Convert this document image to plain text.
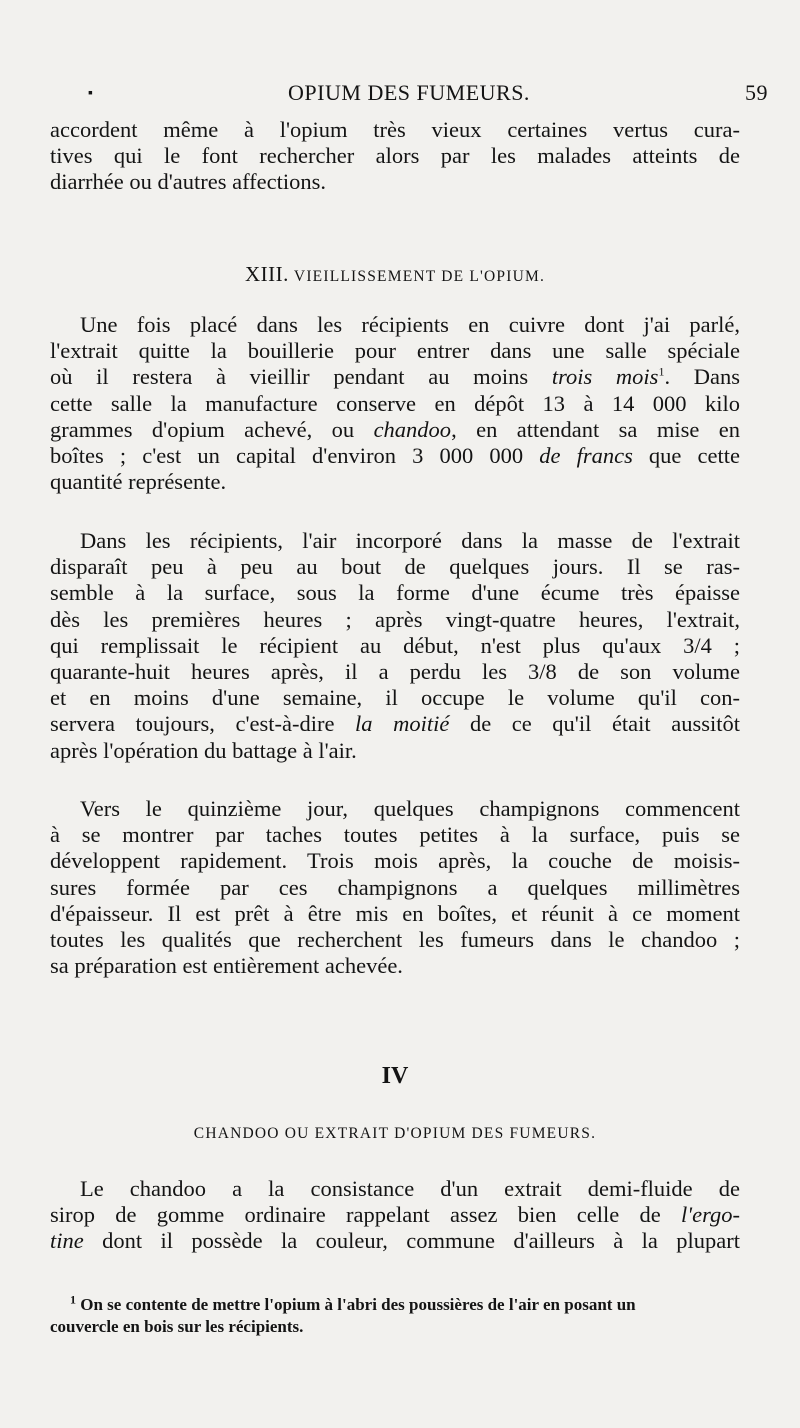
▪	OPIUM DES FUMEURS.	59
accordent même à l'opium très vieux certaines vertus cura-
tives qui le font rechercher alors par les malades atteints de
diarrhée ou d'autres affections.
XIII. VIEILLISSEMENT DE L'OPIUM.
Une fois placé dans les récipients en cuivre dont j'ai parlé,
l'extrait quitte la bouillerie pour entrer dans une salle spéciale
où il restera à vieillir pendant au moins trois mois$^1$. Dans
cette salle la manufacture conserve en dépôt 13 à 14 000 kilo
grammes d'opium achevé, ou chandoo, en attendant sa mise en
boîtes ; c'est un capital d'environ 3 000 000 de francs que cette
quantité représente.
Dans les récipients, l'air incorporé dans la masse de l'extrait
disparaît peu à peu au bout de quelques jours. Il se ras-
semble à la surface, sous la forme d'une écume très épaisse
dès les premières heures ; après vingt-quatre heures, l'extrait,
qui remplissait le récipient au début, n'est plus qu'aux 3/4 ;
quarante-huit heures après, il a perdu les 3/8 de son volume
et en moins d'une semaine, il occupe le volume qu'il con-
servera toujours, c'est-à-dire la moitié de ce qu'il était aussitôt
après l'opération du battage à l'air.
Vers le quinzième jour, quelques champignons commencent
à se montrer par taches toutes petites à la surface, puis se
développent rapidement. Trois mois après, la couche de moisis-
sures formée par ces champignons a quelques millimètres
d'épaisseur. Il est prêt à être mis en boîtes, et réunit à ce moment
toutes les qualités que recherchent les fumeurs dans le chandoo ;
sa préparation est entièrement achevée.
IV
CHANDOO OU EXTRAIT D'OPIUM DES FUMEURS.
Le chandoo a la consistance d'un extrait demi-fluide de
sirop de gomme ordinaire rappelant assez bien celle de l'ergo-
tine dont il possède la couleur, commune d'ailleurs à la plupart
$^1$ On se contente de mettre l'opium à l'abri des poussières de l'air en posant un
couvercle en bois sur les récipients.
